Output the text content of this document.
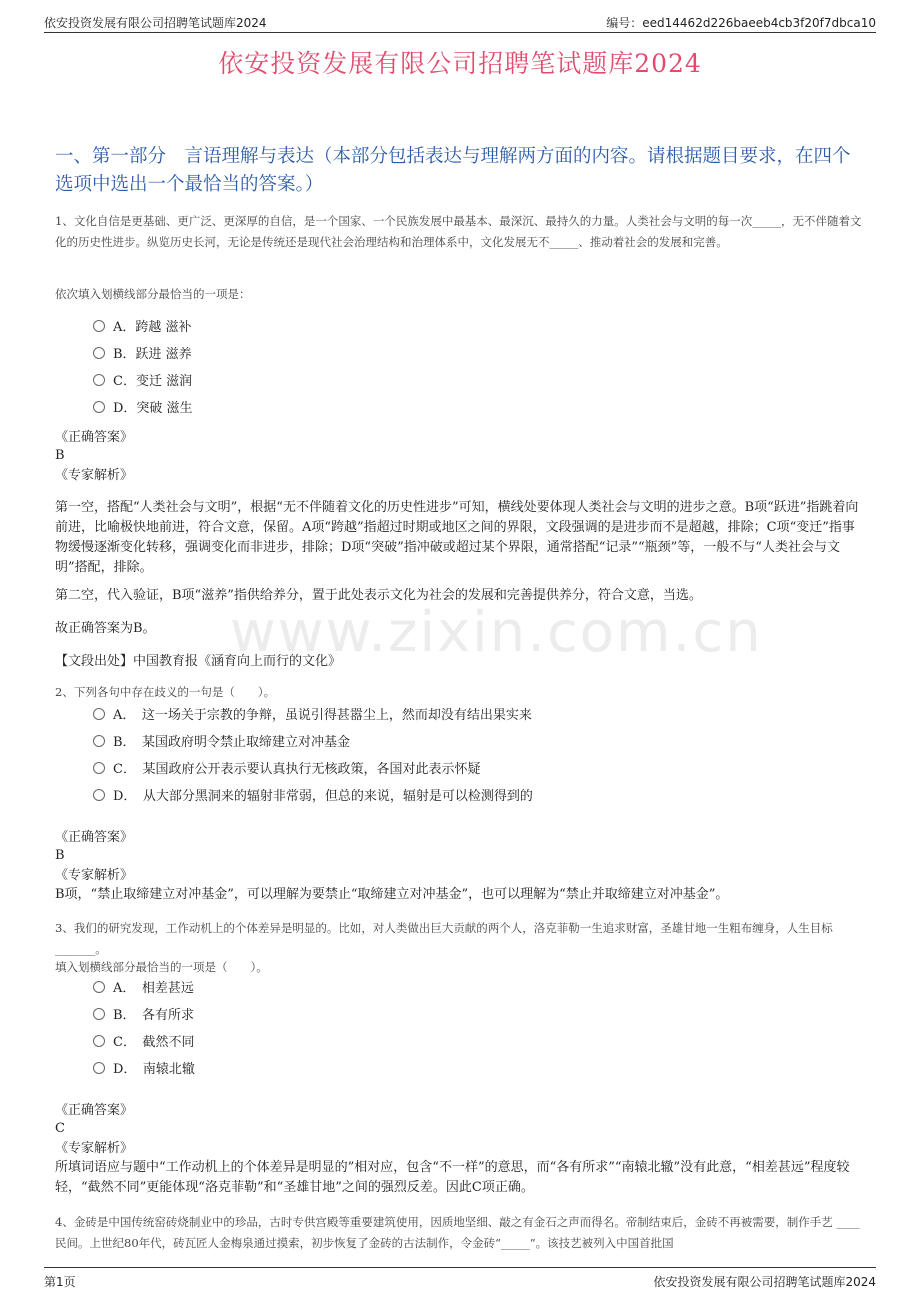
依安投资发展有限公司招聘笔试题库2024	编号：eed14462d226baeeb4cb3f20f7dbca10
依安投资发展有限公司招聘笔试题库2024
www.zixin.com.cn
一、第一部分　言语理解与表达（本部分包括表达与理解两方面的内容。请根据题目要求，在四个选项中选出一个最恰当的答案。）
1、文化自信是更基础、更广泛、更深厚的自信，是一个国家、一个民族发展中最基本、最深沉、最持久的力量。人类社会与文明的每一次_____，无不伴随着文化的历史性进步。纵览历史长河，无论是传统还是现代社会治理结构和治理体系中，文化发展无不_____、推动着社会的发展和完善。
依次填入划横线部分最恰当的一项是：
A．跨越 滋补
B．跃进 滋养
C．变迁 滋润
D．突破 滋生
《正确答案》
B
《专家解析》
第一空，搭配“人类社会与文明”，根据“无不伴随着文化的历史性进步”可知，横线处要体现人类社会与文明的进步之意。B项“跃进”指跳着向前进，比喻极快地前进，符合文意，保留。A项“跨越”指超过时期或地区之间的界限，文段强调的是进步而不是超越，排除；C项“变迁”指事物缓慢逐渐变化转移，强调变化而非进步，排除；D项“突破”指冲破或超过某个界限，通常搭配“记录”“瓶颈”等，一般不与“人类社会与文明”搭配，排除。
第二空，代入验证，B项“滋养”指供给养分，置于此处表示文化为社会的发展和完善提供养分，符合文意，当选。
故正确答案为B。
【文段出处】中国教育报《涵育向上而行的文化》
2、下列各句中存在歧义的一句是（　　）。
A．　这一场关于宗教的争辩，虽说引得甚嚣尘上，然而却没有结出果实来
B．　某国政府明令禁止取缔建立对冲基金
C．　某国政府公开表示要认真执行无核政策，各国对此表示怀疑
D．　从大部分黑洞来的辐射非常弱，但总的来说，辐射是可以检测得到的
《正确答案》
B
《专家解析》
B项，“禁止取缔建立对冲基金”，可以理解为要禁止“取缔建立对冲基金”，也可以理解为“禁止并取缔建立对冲基金”。
3、我们的研究发现，工作动机上的个体差异是明显的。比如，对人类做出巨大贡献的两个人，洛克菲勒一生追求财富，圣雄甘地一生粗布缠身，人生目标_______。
填入划横线部分最恰当的一项是（　　）。
A．　相差甚远
B．　各有所求
C．　截然不同
D．　南辕北辙
《正确答案》
C
《专家解析》
所填词语应与题中“工作动机上的个体差异是明显的”相对应，包含“不一样”的意思，而“各有所求”“南辕北辙”没有此意，“相差甚远”程度较轻，“截然不同”更能体现“洛克菲勒”和“圣雄甘地”之间的强烈反差。因此C项正确。
4、金砖是中国传统窑砖烧制业中的珍品，古时专供宫殿等重要建筑使用，因质地坚细、敲之有金石之声而得名。帝制结束后，金砖不再被需要，制作手艺 ____民间。上世纪80年代，砖瓦匠人金梅泉通过摸索，初步恢复了金砖的古法制作，令金砖“_____”。该技艺被列入中国首批国
第1页	依安投资发展有限公司招聘笔试题库2024
